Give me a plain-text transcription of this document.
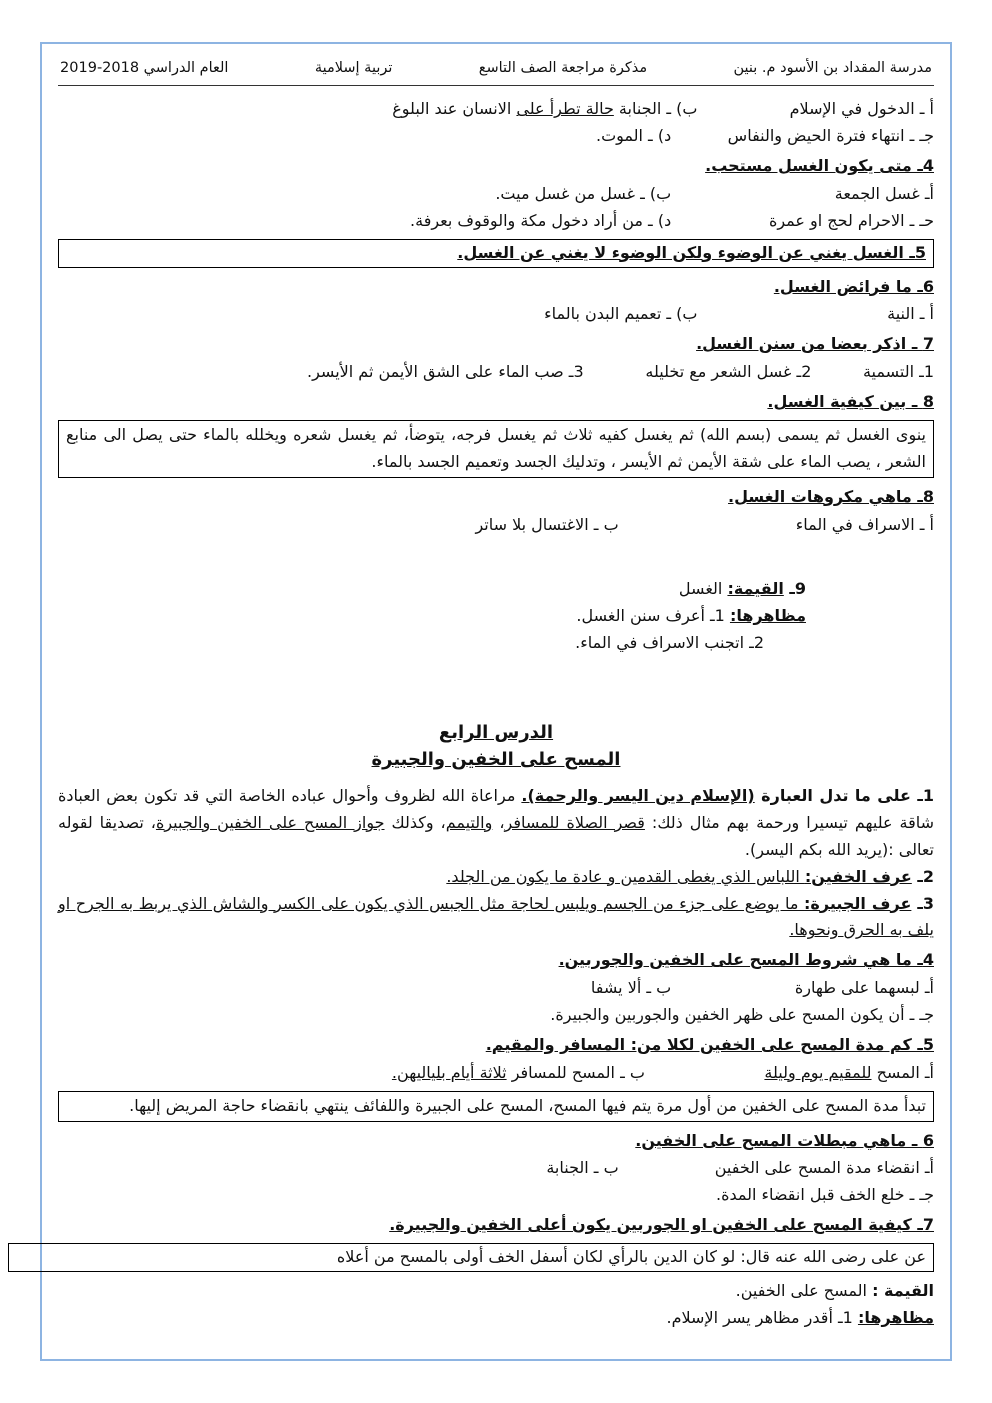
مدرسة المقداد بن الأسود م. بنين
مذكرة مراجعة الصف التاسع
تربية إسلامية
العام الدراسي 2018-2019
أ ـ الدخول في الإسلام
ب) ـ الجنابة حالة تطرأ على الانسان عند البلوغ
جـ ـ انتهاء فترة الحيض والنفاس
د) ـ الموت.
4ـ متى يكون الغسل مستحب.
أـ غسل الجمعة
ب) ـ غسل من غسل ميت.
حـ ـ الاحرام لحج او عمرة
د) ـ من أراد دخول مكة والوقوف بعرفة.
5ـ الغسل يغني عن الوضوء ولكن الوضوء لا يغني عن الغسل.
6ـ ما فرائض الغسل.
أ ـ النية
ب) ـ تعميم البدن بالماء
7 ـ اذكر بعضا من سنن الغسل.
1ـ التسمية
2ـ غسل الشعر مع تخليله
3ـ صب الماء على الشق الأيمن ثم الأيسر.
8 ـ بين كيفية الغسل.

ينوى الغسل ثم يسمى (بسم الله) ثم يغسل كفيه ثلاث ثم يغسل فرجه، يتوضأ، ثم يغسل شعره ويخلله بالماء حتى يصل الى منابع الشعر ، يصب الماء على شقة الأيمن ثم الأيسر ، وتدليك الجسد وتعميم الجسد بالماء.

8ـ ماهي مكروهات الغسل.
أ ـ الاسراف في الماء
ب ـ الاغتسال بلا ساتر
9ـ القيمة: الغسل
مظاهرها: 1ـ أعرف سنن الغسل.
2ـ اتجنب الاسراف في الماء.
الدرس الرابع
المسح على الخفين والجبيرة

1ـ على ما تدل العبارة (الإسلام دين اليسر والرحمة). مراعاة الله لظروف وأحوال عباده الخاصة التي قد تكون بعض العبادة شاقة عليهم تيسيرا ورحمة بهم مثال ذلك: قصر الصلاة للمسافر، والتيمم، وكذلك جواز المسح على الخفين والجبيرة، تصديقا لقوله تعالى :(يريد الله بكم اليسر).

2ـ عرف الخفين: اللباس الذي يغطى القدمين و عادة ما يكون من الجلد.

3ـ عرف الجبيرة: ما يوضع على جزء من الجسم ويلبس لحاجة مثل الجبس الذي يكون على الكسر والشاش الذي يربط به الجرح او يلف به الحرق ونحوها.

4ـ ما هي شروط المسح على الخفين والجوربين.
أـ لبسهما على طهارة
ب ـ ألا يشفا
جـ ـ أن يكون المسح على ظهر الخفين والجوربين والجبيرة.
5ـ كم مدة المسح على الخفين لكلا من: المسافر والمقيم.
أـ المسح للمقيم يوم وليلة
ب ـ المسح للمسافر ثلاثة أيام بلياليهن.

تبدأ مدة المسح على الخفين من أول مرة يتم فيها المسح، المسح على الجبيرة واللفائف ينتهي بانقضاء حاجة المريض إليها.

6 ـ ماهي مبطلات المسح على الخفين.
أـ انقضاء مدة المسح على الخفين
ب ـ الجنابة
جـ ـ خلع الخف قبل انقضاء المدة.
7ـ كيفية المسح على الخفين او الجوربين يكون أعلى الخفين والجبيرة.
عن على رضى الله عنه قال: لو كان الدين بالرأي لكان أسفل الخف أولى بالمسح من أعلاه
القيمة : المسح على الخفين.
مظاهرها: 1ـ أقدر مظاهر يسر الإسلام.
